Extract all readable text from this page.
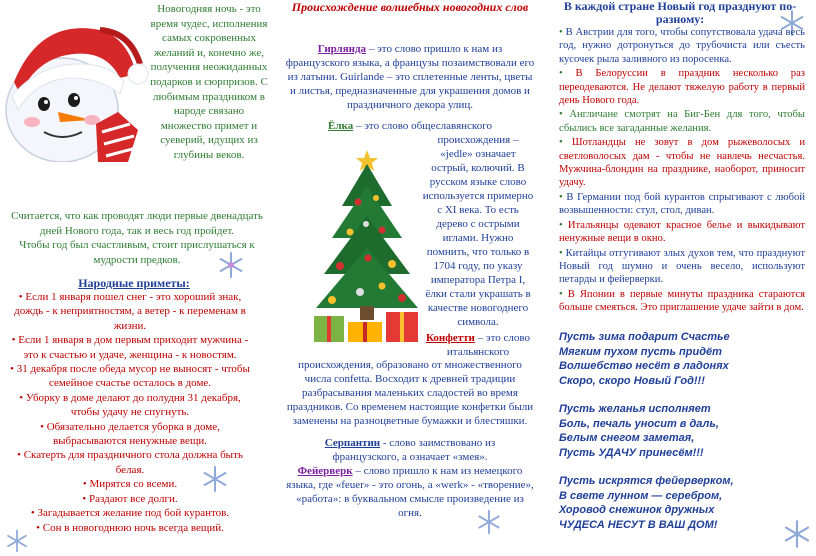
Новогодняя ночь - это время чудес, исполнения самых сокровенных желаний и, конечно же, получения неожиданных подарков и сюрпризов. С любимым праздником в народе связано множество примет и суеверий, идущих из глубины веков.
Считается, что как проводят люди первые двенадцать дней Нового года, так и весь год пройдет.
Чтобы год был счастливым, стоит прислушаться к мудрости предков.
Народные приметы:
• Если 1 января пошел снег - это хороший знак, дождь - к неприятностям, а ветер - к переменам в жизни.
• Если 1 января в дом первым приходит мужчина - это к счастью и удаче, женщина - к новостям.
• 31 декабря после обеда мусор не выносят - чтобы семейное счастье осталось в доме.
• Уборку в доме делают до полудня 31 декабря, чтобы удачу не спугнуть.
• Обязательно делается уборка в доме, выбрасываются ненужные вещи.
• Скатерть для праздничного стола должна быть белая.
• Мирятся со всеми.
• Раздают все долги.
• Загадывается желание под бой курантов.
• Сон в новогоднюю ночь всегда вещий.
Происхождение волшебных новогодних слов
Гирлянда – это слово пришло к нам из французского языка, а французы позаимствовали его из латыни. Guirlande – это сплетенные ленты, цветы и листья, предназначенные для украшения домов и праздничного декора улиц.
Ёлка – это слово общеславянского
происхождения – «jedle» означает острый, колючий. В русском языке слово используется примерно с XI века. То есть дерево с острыми иглами. Нужно помнить, что только в 1704 году, по указу императора Петра I, ёлки стали украшать в качестве новогоднего символа.
Конфетти – это слово итальянского
происхождения, образовано от множественного числа confetta. Восходит к древней традиции разбрасывания маленьких сладостей во время праздников. Со временем настоящие конфетки были заменены на разноцветные бумажки и блестяшки.
Серпантин - слово заимствовано из французского, а означает «змея».
Фейерверк – слово пришло к нам из немецкого языка, где «feuer» - это огонь, а «werk» - «творение», «работа»: в буквальном смысле произведение из огня.
В каждой стране Новый год празднуют по-разному:
• В Австрии для того, чтобы сопутствовала удача весь год, нужно дотронуться до трубочиста или съесть кусочек рыла заливного из поросенка.
• В Белоруссии в праздник несколько раз переодеваются. Не делают тяжелую работу в первый день Нового года.
• Англичане смотрят на Биг-Бен для того, чтобы сбылись все загаданные желания.
• Шотландцы не зовут в дом рыжеволосых и светловолосых дам - чтобы не навлечь несчастья. Мужчина-блондин на празднике, наоборот, приносит удачу.
• В Германии под бой курантов спрыгивают с любой возвышенности: стул, стол, диван.
• Итальянцы одевают красное белье и выкидывают ненужные вещи в окно.
• Китайцы отгугивают злых духов тем, что празднуют Новый год шумно и очень весело, используют петарды и фейерверки.
• В Японии в первые минуты праздника стараются больше смеяться. Это приглашение удаче зайти в дом.
Пусть зима подарит Счастье
Мягким пухом пусть придёт
Волшебство несёт в ладонях
Скоро, скоро Новый Год!!!
Пусть желанья исполняет
Боль, печаль уносит в даль,
Белым снегом заметая,
Пусть УДАЧУ принесём!!!
Пусть искрятся фейерверком,
В свете лунном — серебром,
Хоровод снежинок дружных
ЧУДЕСА НЕСУТ В ВАШ ДОМ!
